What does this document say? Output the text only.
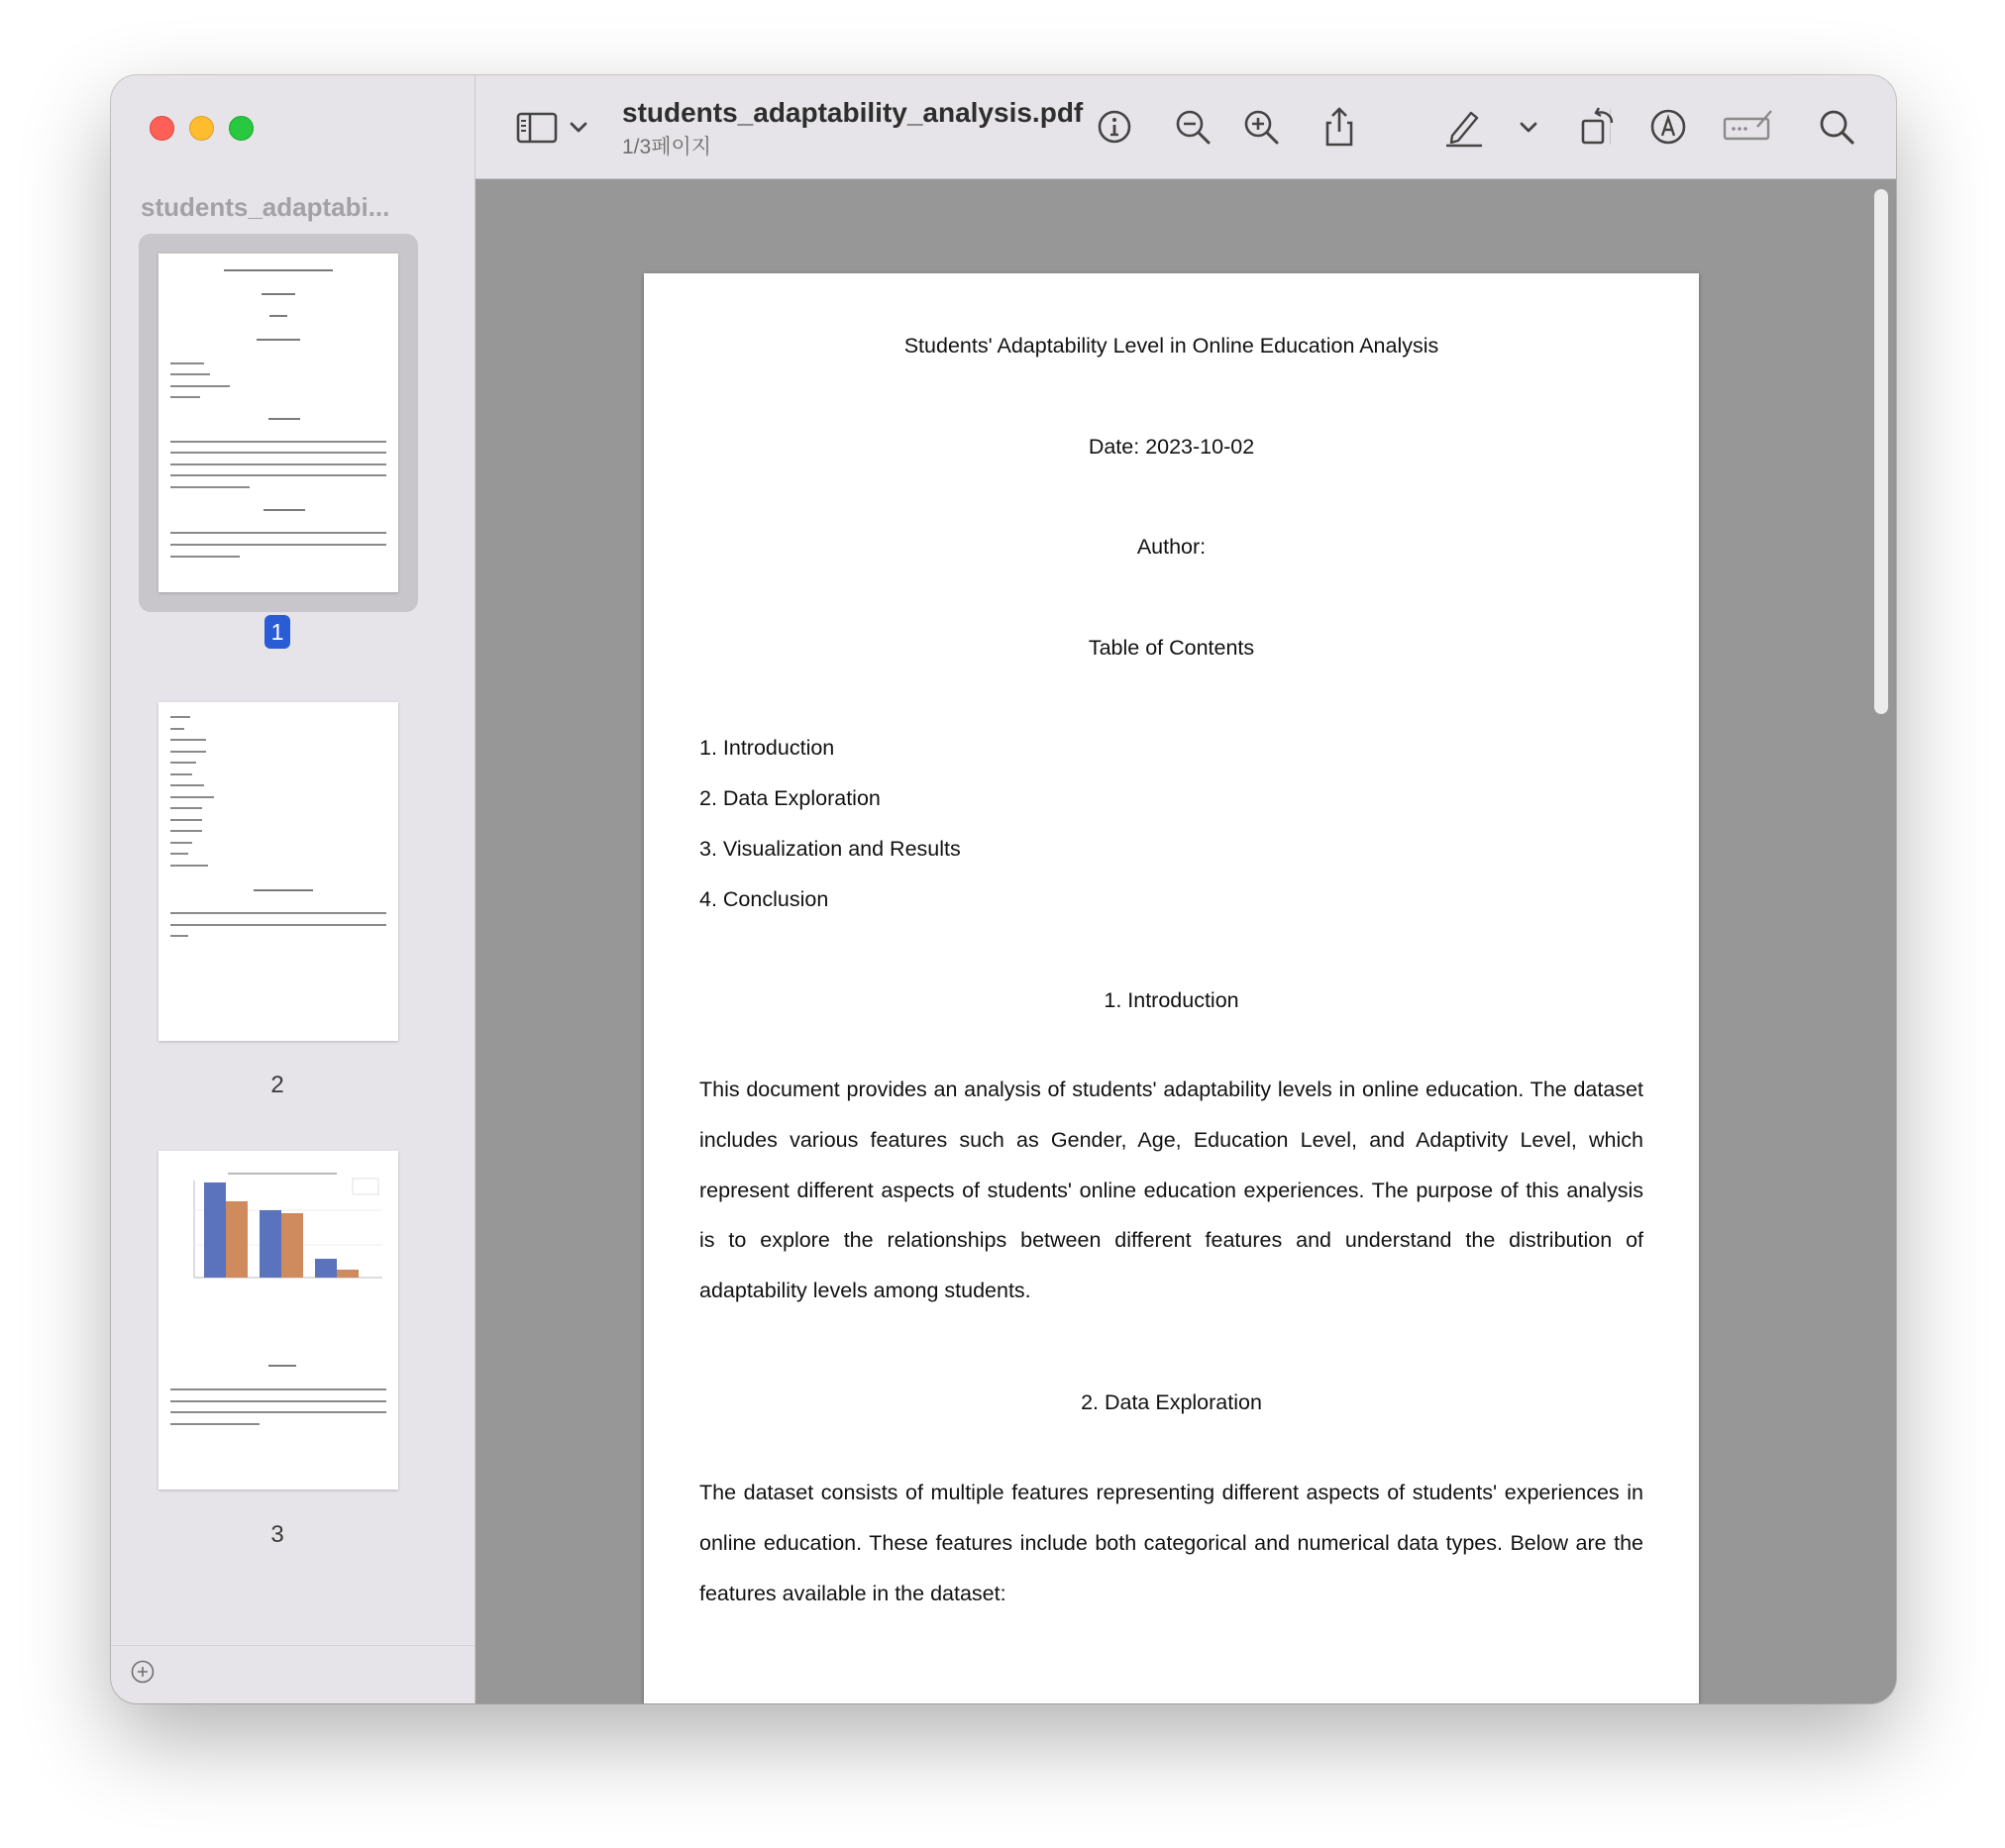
students_adaptabi...
1
2
3
students_adaptability_analysis.pdf
1/3페이지
Students' Adaptability Level in Online Education Analysis
Date: 2023-10-02
Author:
Table of Contents
1. Introduction
2. Data Exploration
3. Visualization and Results
4. Conclusion
1. Introduction
This document provides an analysis of students' adaptability levels in online education. The dataset includes various features such as Gender, Age, Education Level, and Adaptivity Level, which represent different aspects of students' online education experiences. The purpose of this analysis is to explore the relationships between different features and understand the distribution of adaptability levels among students.
2. Data Exploration
The dataset consists of multiple features representing different aspects of students' experiences in online education. These features include both categorical and numerical data types. Below are the features available in the dataset:
